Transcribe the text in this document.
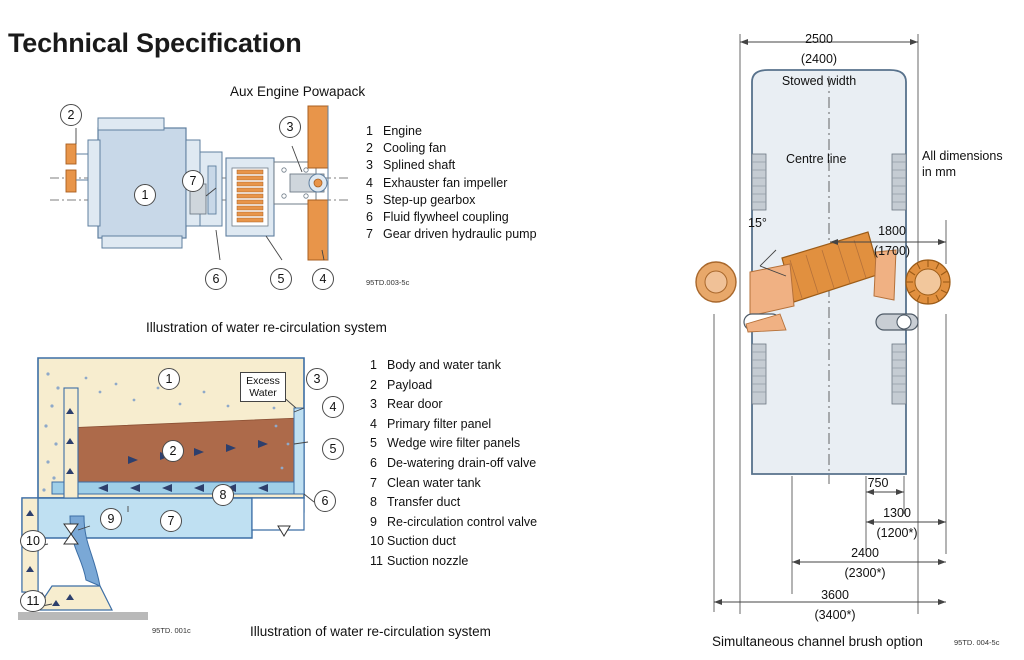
Technical Specification
Aux Engine Powapack
2
1
7
3
6	5	4
1 Engine
2 Cooling fan
3 Splined shaft
4 Exhauster fan impeller
5 Step-up gearbox
6 Fluid flywheel coupling
7 Gear driven hydraulic pump
95TD.003-5c
Illustration of water re-circulation system
Excess
Water
1
2
3
4
5
6
7
8
9
10
11
1 Body and water tank
2 Payload
3 Rear door
4 Primary filter panel
5 Wedge wire filter panels
6 De-watering drain-off valve
7 Clean water tank
8 Transfer duct
9 Re-circulation control valve
10 Suction duct
11 Suction nozzle
95TD. 001c	Illustration of water re-circulation system
2500
(2400)
Stowed width
Centre line	All dimensions
in mm
15°
1800
(1700)
750
1300
(1200*)
2400
(2300*)
3600
(3400*)
Simultaneous channel brush option	95TD. 004-5c
